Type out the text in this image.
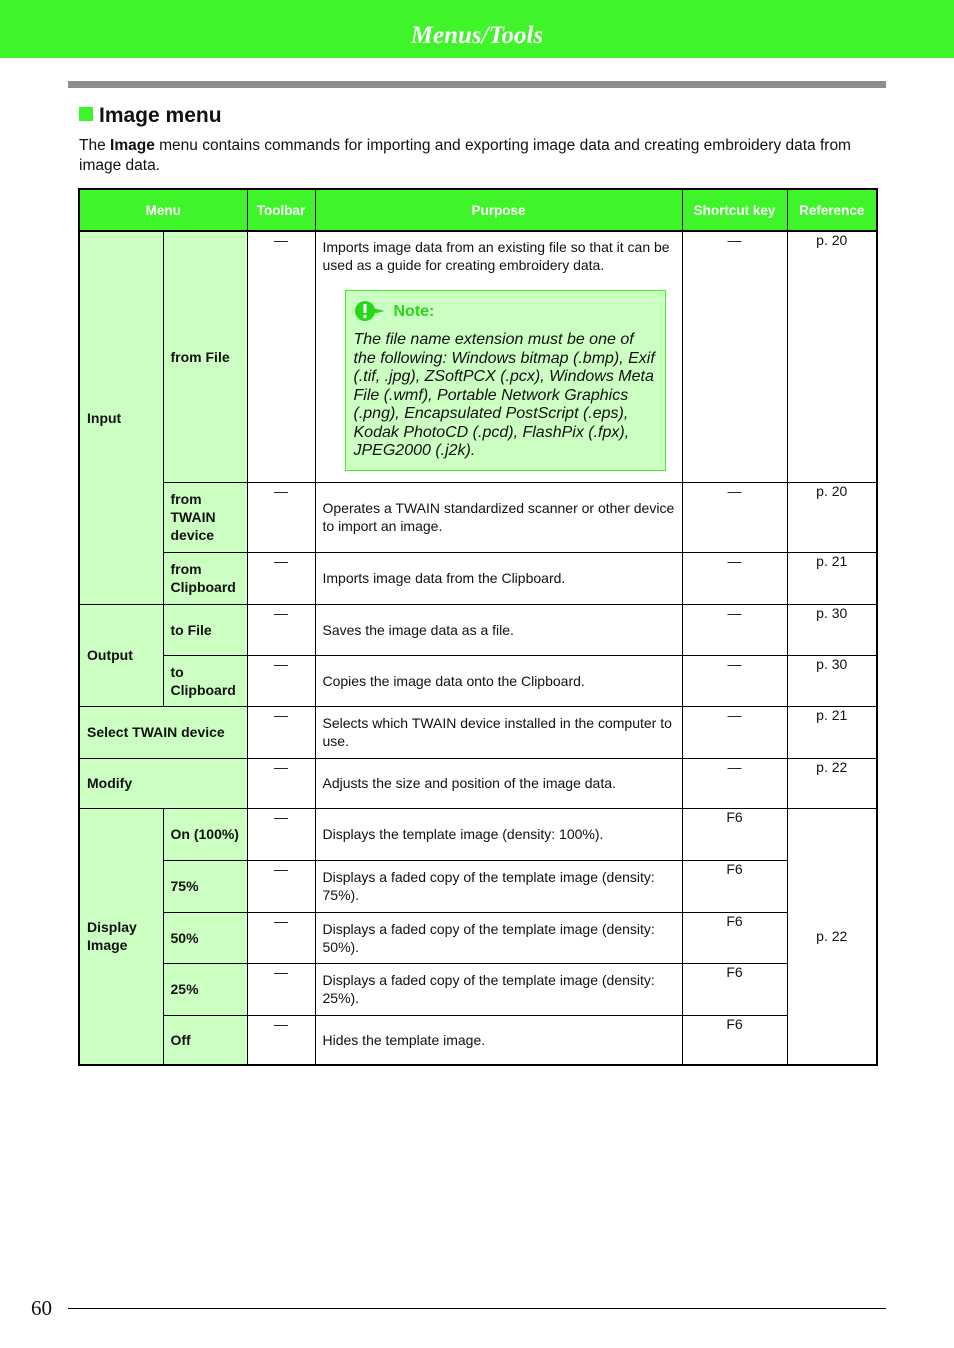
Menus/Tools
Image menu
The Image menu contains commands for importing and exporting image data and creating embroidery data from image data.
Menu		Toolbar	Purpose	Shortcut key	Reference
Input	from File	—	Imports image data from an existing file so that it can be used as a guide for creating embroidery data.
Note:
The file name extension must be one of the following: Windows bitmap (.bmp), Exif (.tif, .jpg), ZSoftPCX (.pcx), Windows Meta File (.wmf), Portable Network Graphics (.png), Encapsulated PostScript (.eps), Kodak PhotoCD (.pcd), FlashPix (.fpx), JPEG2000 (.j2k).	—	p. 20
	from TWAIN device	—	Operates a TWAIN standardized scanner or other device to import an image.	—	p. 20
	from Clipboard	—	Imports image data from the Clipboard.	—	p. 21
Output	to File	—	Saves the image data as a file.	—	p. 30
	to Clipboard	—	Copies the image data onto the Clipboard.	—	p. 30
Select TWAIN device		—	Selects which TWAIN device installed in the computer to use.	—	p. 21
Modify		—	Adjusts the size and position of the image data.	—	p. 22
Display Image	On (100%)	—	Displays the template image (density: 100%).	F6	p. 22
	75%	—	Displays a faded copy of the template image (density: 75%).	F6	
	50%	—	Displays a faded copy of the template image (density: 50%).	F6	
	25%	—	Displays a faded copy of the template image (density: 25%).	F6	
	Off	—	Hides the template image.	F6	
60
